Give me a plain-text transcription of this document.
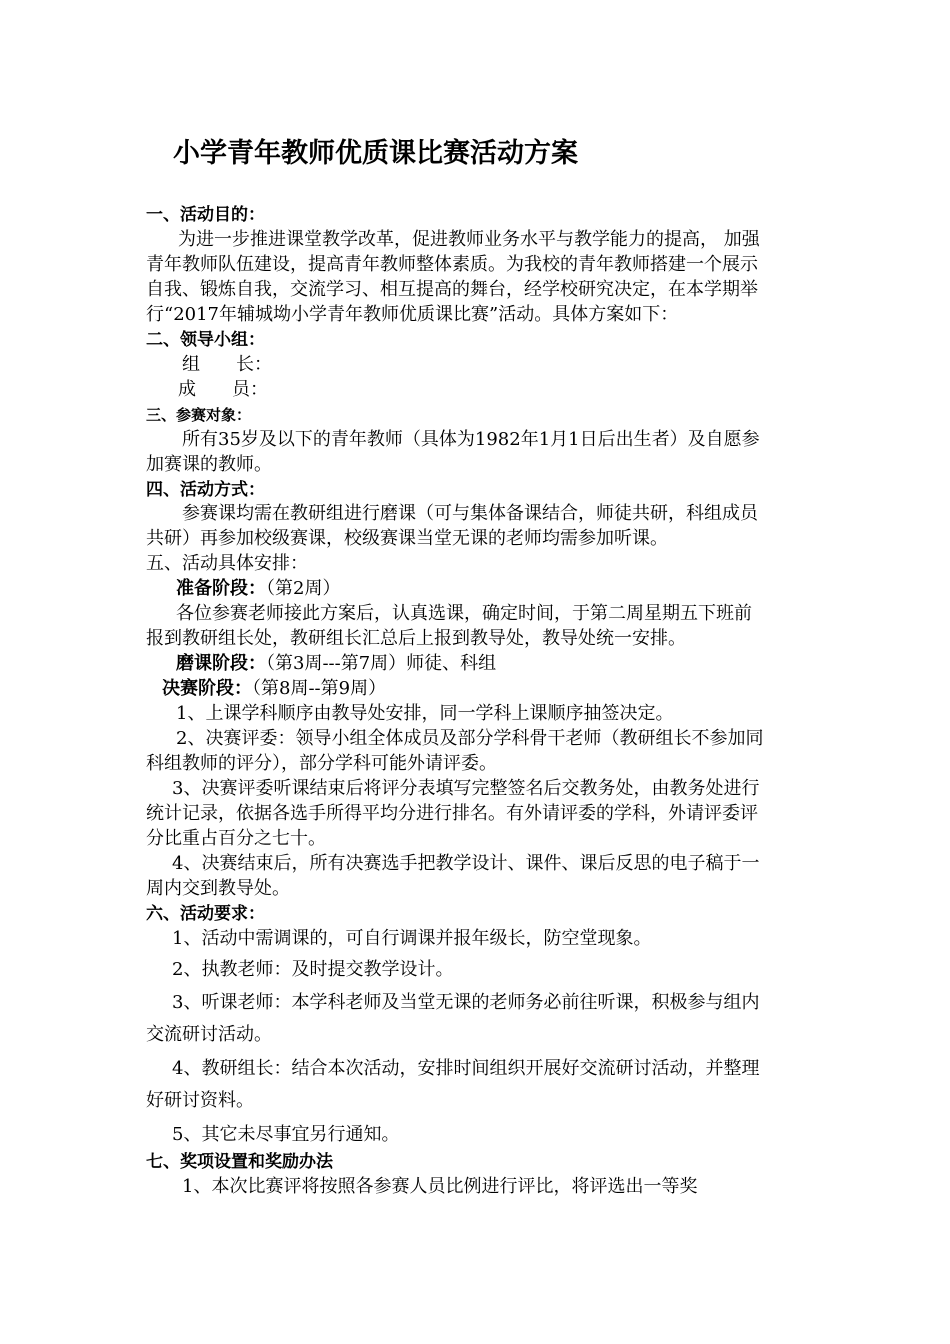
小学青年教师优质课比赛活动方案
一、活动目的：
为进一步推进课堂教学改革，促进教师业务水平与教学能力的提高， 加强
青年教师队伍建设，提高青年教师整体素质。为我校的青年教师搭建一个展示
自我、锻炼自我，交流学习、相互提高的舞台，经学校研究决定，在本学期举
行“2017年辅城坳小学青年教师优质课比赛”活动。具体方案如下：
二、领导小组：
组　　长：
成　　员：
三、参赛对象：
所有35岁及以下的青年教师（具体为1982年1月1日后出生者）及自愿参
加赛课的教师。
四、活动方式：
参赛课均需在教研组进行磨课（可与集体备课结合，师徒共研，科组成员
共研）再参加校级赛课，校级赛课当堂无课的老师均需参加听课。
五、活动具体安排：
准备阶段：（第2周）
各位参赛老师接此方案后，认真选课，确定时间，于第二周星期五下班前
报到教研组长处，教研组长汇总后上报到教导处，教导处统一安排。
磨课阶段：（第3周---第7周）师徒、科组
决赛阶段：（第8周--第9周）
1、上课学科顺序由教导处安排，同一学科上课顺序抽签决定。
2、决赛评委：领导小组全体成员及部分学科骨干老师（教研组长不参加同
科组教师的评分），部分学科可能外请评委。
3、决赛评委听课结束后将评分表填写完整签名后交教务处，由教务处进行
统计记录，依据各选手所得平均分进行排名。有外请评委的学科，外请评委评
分比重占百分之七十。
4、决赛结束后，所有决赛选手把教学设计、课件、课后反思的电子稿于一
周内交到教导处。
六、活动要求：
1、活动中需调课的，可自行调课并报年级长，防空堂现象。
2、执教老师：及时提交教学设计。
3、听课老师：本学科老师及当堂无课的老师务必前往听课，积极参与组内
交流研讨活动。
4、教研组长：结合本次活动，安排时间组织开展好交流研讨活动，并整理
好研讨资料。
5、其它未尽事宜另行通知。
七、奖项设置和奖励办法
1、本次比赛评将按照各参赛人员比例进行评比，将评选出一等奖
